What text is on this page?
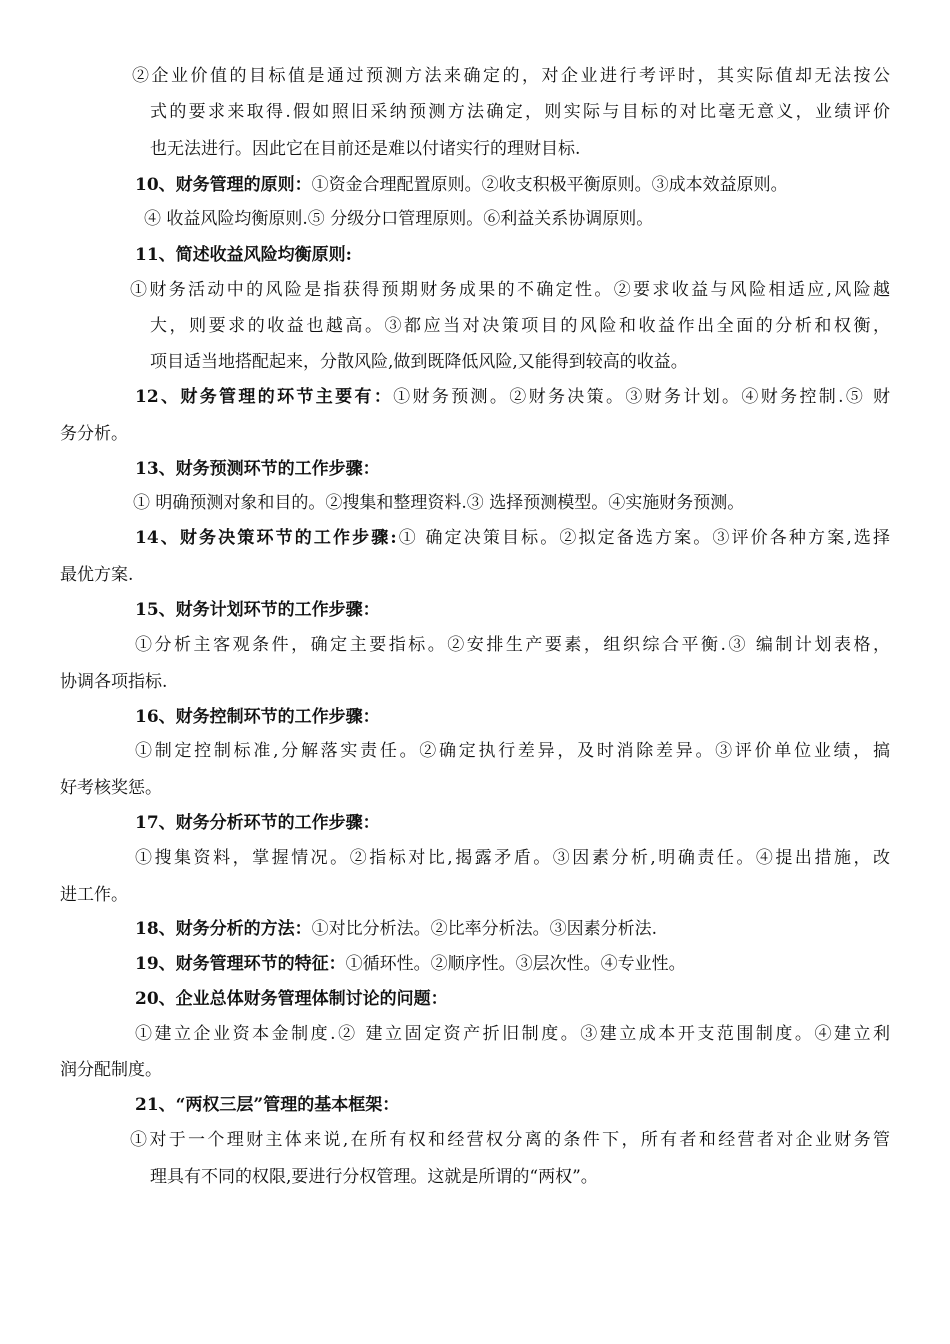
②企业价值的目标值是通过预测方法来确定的，对企业进行考评时，其实际值却无法按公
式的要求来取得.假如照旧采纳预测方法确定，则实际与目标的对比毫无意义，业绩评价
也无法进行。因此它在目前还是难以付诸实行的理财目标.
10、财务管理的原则：①资金合理配置原则。②收支积极平衡原则。③成本效益原则。
④ 收益风险均衡原则.⑤ 分级分口管理原则。⑥利益关系协调原则。
11、简述收益风险均衡原则:
①财务活动中的风险是指获得预期财务成果的不确定性。②要求收益与风险相适应,风险越
大，则要求的收益也越高。③都应当对决策项目的风险和收益作出全面的分析和权衡，
项目适当地搭配起来，分散风险,做到既降低风险,又能得到较高的收益。
12、财务管理的环节主要有：①财务预测。②财务决策。③财务计划。④财务控制.⑤ 财
务分析。
13、财务预测环节的工作步骤：
① 明确预测对象和目的。②搜集和整理资料.③ 选择预测模型。④实施财务预测。
14、财务决策环节的工作步骤:① 确定决策目标。②拟定备选方案。③评价各种方案,选择
最优方案.
15、财务计划环节的工作步骤：
①分析主客观条件，确定主要指标。②安排生产要素，组织综合平衡.③ 编制计划表格，
协调各项指标.
16、财务控制环节的工作步骤：
①制定控制标准,分解落实责任。②确定执行差异，及时消除差异。③评价单位业绩，搞
好考核奖惩。
17、财务分析环节的工作步骤：
①搜集资料，掌握情况。②指标对比,揭露矛盾。③因素分析,明确责任。④提出措施，改
进工作。
18、财务分析的方法：①对比分析法。②比率分析法。③因素分析法.
19、财务管理环节的特征：①循环性。②顺序性。③层次性。④专业性。
20、企业总体财务管理体制讨论的问题：
①建立企业资本金制度.② 建立固定资产折旧制度。③建立成本开支范围制度。④建立利
润分配制度。
21、“两权三层”管理的基本框架：
①对于一个理财主体来说,在所有权和经营权分离的条件下，所有者和经营者对企业财务管
理具有不同的权限,要进行分权管理。这就是所谓的“两权”。
